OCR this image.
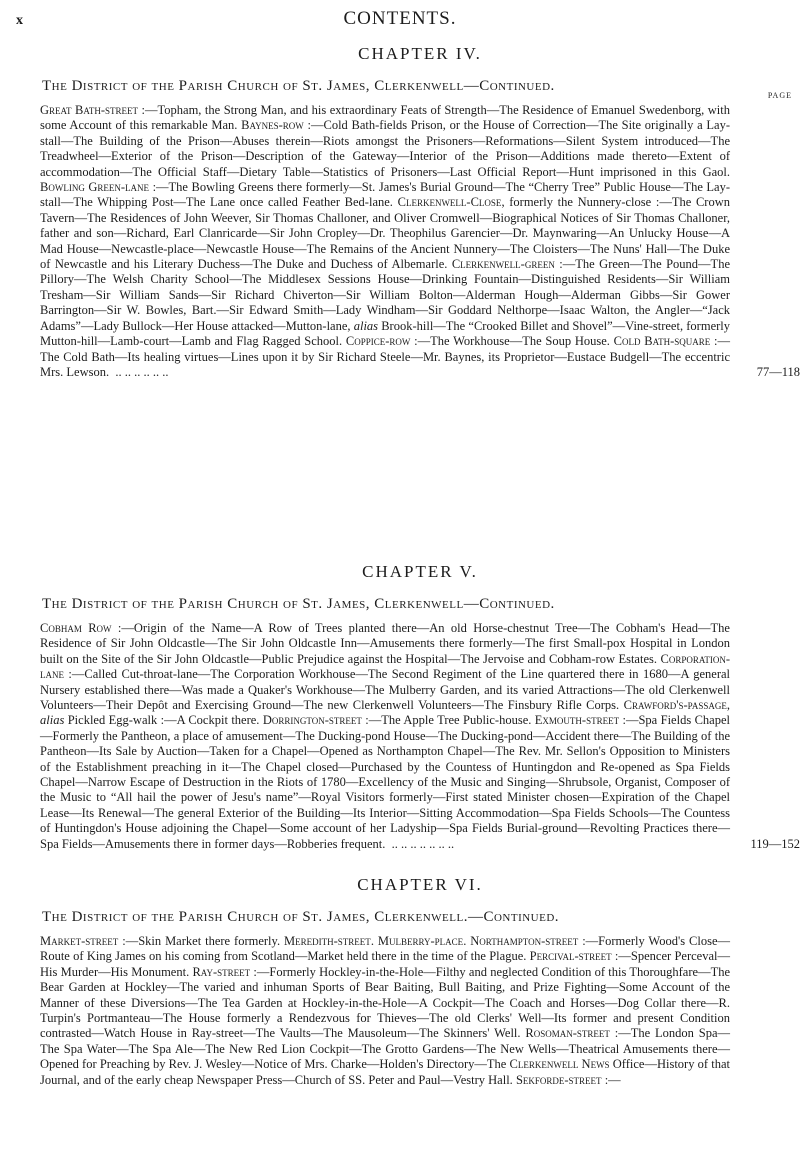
x	CONTENTS.
CHAPTER IV.
The District of the Parish Church of St. James, Clerkenwell—Continued.
PAGE

Great Bath-street :—Topham, the Strong Man, and his extraordinary Feats of Strength—The Residence of Emanuel Swedenborg, with some Account of this remarkable Man. Baynes-row :—Cold Bath-fields Prison, or the House of Correction—The Site originally a Lay-stall—The Building of the Prison—Abuses therein—Riots amongst the Prisoners—Reformations—Silent System introduced—The Treadwheel—Exterior of the Prison—Description of the Gateway—Interior of the Prison—Additions made thereto—Extent of accommodation—The Official Staff—Dietary Table—Statistics of Prisoners—Last Official Report—Hunt imprisoned in this Gaol. Bowling Green-lane :—The Bowling Greens there formerly—St. James's Burial Ground—The “Cherry Tree” Public House—The Lay-stall—The Whipping Post—The Lane once called Feather Bed-lane. Clerkenwell-Close, formerly the Nunnery-close :—The Crown Tavern—The Residences of John Weever, Sir Thomas Challoner, and Oliver Cromwell—Biographical Notices of Sir Thomas Challoner, father and son—Richard, Earl Clanricarde—Sir John Cropley—Dr. Theophilus Garencier—Dr. Maynwaring—An Unlucky House—A Mad House—Newcastle-place—Newcastle House—The Remains of the Ancient Nunnery—The Cloisters—The Nuns' Hall—The Duke of Newcastle and his Literary Duchess—The Duke and Duchess of Albemarle. Clerkenwell-green :—The Green—The Pound—The Pillory—The Welsh Charity School—The Middlesex Sessions House—Drinking Fountain—Distinguished Residents—Sir William Tresham—Sir William Sands—Sir Richard Chiverton—Sir William Bolton—Alderman Hough—Alderman Gibbs—Sir Gower Barrington—Sir W. Bowles, Bart.—Sir Edward Smith—Lady Windham—Sir Goddard Nelthorpe—Isaac Walton, the Angler—“Jack Adams”—Lady Bullock—Her House attacked—Mutton-lane, alias Brook-hill—The “Crooked Billet and Shovel”—Vine-street, formerly Mutton-hill—Lamb-court—Lamb and Flag Ragged School. Coppice-row :—The Workhouse—The Soup House. Cold Bath-square :—The Cold Bath—Its healing virtues—Lines upon it by Sir Richard Steele—Mr. Baynes, its Proprietor—Eustace Budgell—The eccentric Mrs. Lewson.  .. .. .. .. .. ..	77—118
CHAPTER V.
The District of the Parish Church of St. James, Clerkenwell—Continued.

Cobham Row :—Origin of the Name—A Row of Trees planted there—An old Horse-chestnut Tree—The Cobham's Head—The Residence of Sir John Oldcastle—The Sir John Oldcastle Inn—Amusements there formerly—The first Small-pox Hospital in London built on the Site of the Sir John Oldcastle—Public Prejudice against the Hospital—The Jervoise and Cobham-row Estates. Corporation-lane :—Called Cut-throat-lane—The Corporation Workhouse—The Second Regiment of the Line quartered there in 1680—A general Nursery established there—Was made a Quaker's Workhouse—The Mulberry Garden, and its varied Attractions—The old Clerkenwell Volunteers—Their Depôt and Exercising Ground—The new Clerkenwell Volunteers—The Finsbury Rifle Corps. Crawford's-passage, alias Pickled Egg-walk :—A Cockpit there. Dorrington-street :—The Apple Tree Public-house. Exmouth-street :—Spa Fields Chapel—Formerly the Pantheon, a place of amusement—The Ducking-pond House—The Ducking-pond—Accident there—The Building of the Pantheon—Its Sale by Auction—Taken for a Chapel—Opened as Northampton Chapel—The Rev. Mr. Sellon's Opposition to Ministers of the Establishment preaching in it—The Chapel closed—Purchased by the Countess of Huntingdon and Re-opened as Spa Fields Chapel—Narrow Escape of Destruction in the Riots of 1780—Excellency of the Music and Singing—Shrubsole, Organist, Composer of the Music to “All hail the power of Jesu's name”—Royal Visitors formerly—First stated Minister chosen—Expiration of the Chapel Lease—Its Renewal—The general Exterior of the Building—Its Interior—Sitting Accommodation—Spa Fields Schools—The Countess of Huntingdon's House adjoining the Chapel—Some account of her Ladyship—Spa Fields Burial-ground—Revolting Practices there—Spa Fields—Amusements there in former days—Robberies frequent.  .. .. .. .. .. .. ..	119—152
CHAPTER VI.
The District of the Parish Church of St. James, Clerkenwell.—Continued.

Market-street :—Skin Market there formerly. Meredith-street. Mulberry-place. Northampton-street :—Formerly Wood's Close—Route of King James on his coming from Scotland—Market held there in the time of the Plague. Percival-street :—Spencer Perceval—His Murder—His Monument. Ray-street :—Formerly Hockley-in-the-Hole—Filthy and neglected Condition of this Thoroughfare—The Bear Garden at Hockley—The varied and inhuman Sports of Bear Baiting, Bull Baiting, and Prize Fighting—Some Account of the Manner of these Diversions—The Tea Garden at Hockley-in-the-Hole—A Cockpit—The Coach and Horses—Dog Collar there—R. Turpin's Portmanteau—The House formerly a Rendezvous for Thieves—The old Clerks' Well—Its former and present Condition contrasted—Watch House in Ray-street—The Vaults—The Mausoleum—The Skinners' Well. Rosoman-street :—The London Spa—The Spa Water—The Spa Ale—The New Red Lion Cockpit—The Grotto Gardens—The New Wells—Theatrical Amusements there—Opened for Preaching by Rev. J. Wesley—Notice of Mrs. Charke—Holden's Directory—The Clerkenwell News Office—History of that Journal, and of the early cheap Newspaper Press—Church of SS. Peter and Paul—Vestry Hall. Sekforde-street :—
